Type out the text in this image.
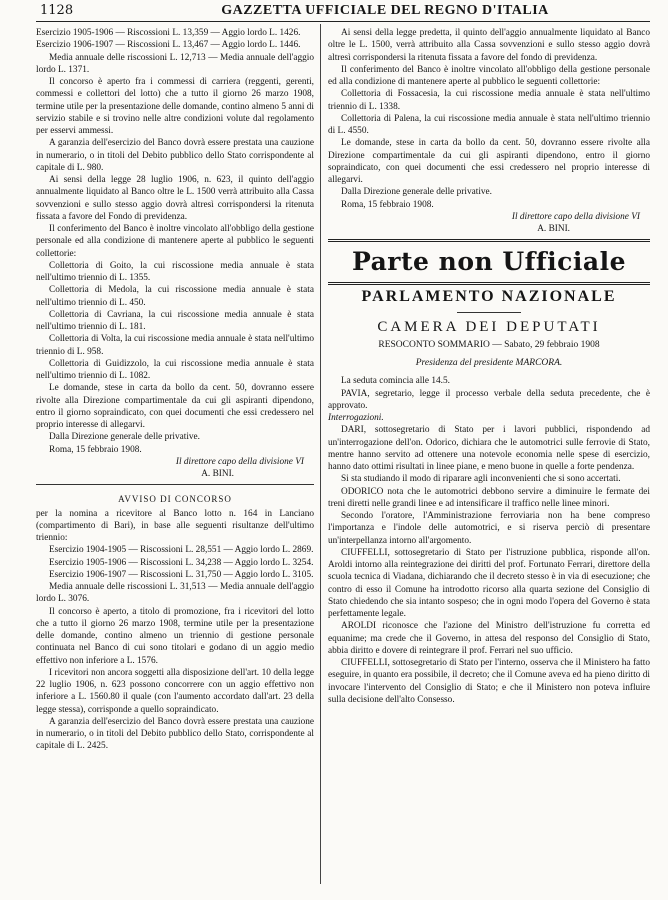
1128	GAZZETTA UFFICIALE DEL REGNO D'ITALIA

Esercizio 1905-1906 — Riscossioni L. 13,359 — Aggio lordo L. 1426.

Esercizio 1906-1907 — Riscossioni L. 13,467 — Aggio lordo L. 1446.

Media annuale delle riscossioni L. 12,713 — Media annuale dell'aggio lordo L. 1371.

Il concorso è aperto fra i commessi di carriera (reggenti, gerenti, commessi e collettori del lotto) che a tutto il giorno 26 marzo 1908, termine utile per la presentazione delle domande, contino almeno 5 anni di servizio stabile e si trovino nelle altre condizioni volute dal regolamento per esservi ammessi.

A garanzia dell'esercizio del Banco dovrà essere prestata una cauzione in numerario, o in titoli del Debito pubblico dello Stato corrispondente al capitale di L. 980.

Ai sensi della legge 28 luglio 1906, n. 623, il quinto dell'aggio annualmente liquidato al Banco oltre le L. 1500 verrà attribuito alla Cassa sovvenzioni e sullo stesso aggio dovrà altresì corrispondersi la ritenuta fissata a favore del Fondo di previdenza.

Il conferimento del Banco è inoltre vincolato all'obbligo della gestione personale ed alla condizione di mantenere aperte al pubblico le seguenti collettorie:

Collettoria di Goito, la cui riscossione media annuale è stata nell'ultimo triennio di L. 1355.

Collettoria di Medola, la cui riscossione media annuale è stata nell'ultimo triennio di L. 450.

Collettoria di Cavriana, la cui riscossione media annuale è stata nell'ultimo triennio di L. 181.

Collettoria di Volta, la cui riscossione media annuale è stata nell'ultimo triennio di L. 958.

Collettoria di Guidizzolo, la cui riscossione media annuale è stata nell'ultimo triennio di L. 1082.

Le domande, stese in carta da bollo da cent. 50, dovranno essere rivolte alla Direzione compartimentale da cui gli aspiranti dipendono, entro il giorno sopraindicato, con quei documenti che essi credessero nel proprio interesse di allegarvi.

Dalla Direzione generale delle privative.

Roma, 15 febbraio 1908.

Il direttore capo della divisione VI

A. BINI.

AVVISO DI CONCORSO

per la nomina a ricevitore al Banco lotto n. 164 in Lanciano (compartimento di Bari), in base alle seguenti risultanze dell'ultimo triennio:

Esercizio 1904-1905 — Riscossioni L. 28,551 — Aggio lordo L. 2869.

Esercizio 1905-1906 — Riscossioni L. 34,238 — Aggio lordo L. 3254.

Esercizio 1906-1907 — Riscossioni L. 31,750 — Aggio lordo L. 3105.

Media annuale delle riscossioni L. 31,513 — Media annuale dell'aggio lordo L. 3076.

Il concorso è aperto, a titolo di promozione, fra i ricevitori del lotto che a tutto il giorno 26 marzo 1908, termine utile per la presentazione delle domande, contino almeno un triennio di gestione personale continuata nel Banco di cui sono titolari e godano di un aggio medio effettivo non inferiore a L. 1576.

I ricevitori non ancora soggetti alla disposizione dell'art. 10 della legge 22 luglio 1906, n. 623 possono concorrere con un aggio effettivo non inferiore a L. 1560.80 il quale (con l'aumento accordato dall'art. 23 della legge stessa), corrisponde a quello sopraindicato.

A garanzia dell'esercizio del Banco dovrà essere prestata una cauzione in numerario, o in titoli del Debito pubblico dello Stato, corrispondente al capitale di L. 2425.

Ai sensi della legge predetta, il quinto dell'aggio annualmente liquidato al Banco oltre le L. 1500, verrà attribuito alla Cassa sovvenzioni e sullo stesso aggio dovrà altresì corrispondersi la ritenuta fissata a favore del fondo di previdenza.

Il conferimento del Banco è inoltre vincolato all'obbligo della gestione personale ed alla condizione di mantenere aperte al pubblico le seguenti collettorie:

Collettoria di Fossacesia, la cui riscossione media annuale è stata nell'ultimo triennio di L. 1338.

Collettoria di Palena, la cui riscossione media annuale è stata nell'ultimo triennio di L. 4550.

Le domande, stese in carta da bollo da cent. 50, dovranno essere rivolte alla Direzione compartimentale da cui gli aspiranti dipendono, entro il giorno sopraindicato, con quei documenti che essi credessero nel proprio interesse di allegarvi.

Dalla Direzione generale delle privative.

Roma, 15 febbraio 1908.

Il direttore capo della divisione VI

A. BINI.

Parte non Ufficiale
PARLAMENTO NAZIONALE
CAMERA DEI DEPUTATI
RESOCONTO SOMMARIO — Sabato, 29 febbraio 1908
Presidenza del presidente MARCORA.

La seduta comincia alle 14.5.

PAVIA, segretario, legge il processo verbale della seduta precedente, che è approvato.

Interrogazioni.

DARI, sottosegretario di Stato per i lavori pubblici, rispondendo ad un'interrogazione dell'on. Odorico, dichiara che le automotrici sulle ferrovie di Stato, mentre hanno servito ad ottenere una notevole economia nelle spese di esercizio, hanno dato ottimi risultati in linee piane, e meno buone in quelle a forte pendenza.

Si sta studiando il modo di riparare agli inconvenienti che si sono accertati.

ODORICO nota che le automotrici debbono servire a diminuire le fermate dei treni diretti nelle grandi linee e ad intensificare il traffico nelle linee minori.

Secondo l'oratore, l'Amministrazione ferroviaria non ha bene compreso l'importanza e l'indole delle automotrici, e si riserva perciò di presentare un'interpellanza intorno all'argomento.

CIUFFELLI, sottosegretario di Stato per l'istruzione pubblica, risponde all'on. Aroldi intorno alla reintegrazione dei diritti del prof. Fortunato Ferrari, direttore della scuola tecnica di Viadana, dichiarando che il decreto stesso è in via di esecuzione; che contro di esso il Comune ha introdotto ricorso alla quarta sezione del Consiglio di Stato chiedendo che sia intanto sospeso; che in ogni modo l'opera del Governo è stata perfettamente legale.

AROLDI riconosce che l'azione del Ministro dell'istruzione fu corretta ed equanime; ma crede che il Governo, in attesa del responso del Consiglio di Stato, abbia diritto e dovere di reintegrare il prof. Ferrari nel suo ufficio.

CIUFFELLI, sottosegretario di Stato per l'interno, osserva che il Ministero ha fatto eseguire, in quanto era possibile, il decreto; che il Comune aveva ed ha pieno diritto di invocare l'intervento del Consiglio di Stato; e che il Ministero non poteva influire sulla decisione dell'alto Consesso.
